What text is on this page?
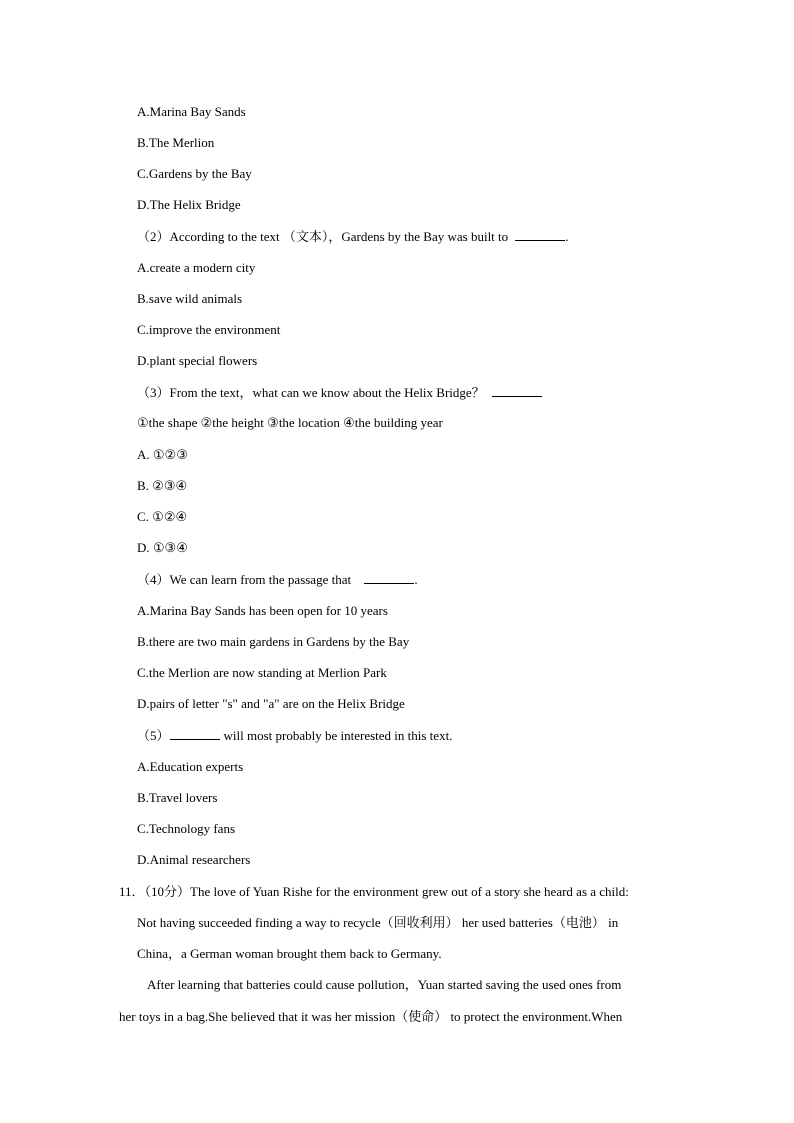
A.Marina Bay Sands
B.The Merlion
C.Gardens by the Bay
D.The Helix Bridge
（2）According to the text （文本），Gardens by the Bay was built to	.
A.create a modern city
B.save wild animals
C.improve the environment
D.plant special flowers
（3）From the text，what can we know about the Helix Bridge？
①the shape ②the height ③the location ④the building year
A. ①②③
B. ②③④
C. ①②④
D. ①③④
（4）We can learn from the passage that	.
A.Marina Bay Sands has been open for 10 years
B.there are two main gardens in Gardens by the Bay
C.the Merlion are now standing at Merlion Park
D.pairs of letter "s" and "a" are on the Helix Bridge
（5）	will most probably be interested in this text.
A.Education experts
B.Travel lovers
C.Technology fans
D.Animal researchers
11．（10分）The love of Yuan Rishe for the environment grew out of a story she heard as a child:
Not having succeeded finding a way to recycle（回收利用） her used batteries（电池） in
China，a German woman brought them back to Germany.
After learning that batteries could cause pollution，Yuan started saving the used ones from
her toys in a bag.She believed that it was her mission（使命） to protect the environment.When
